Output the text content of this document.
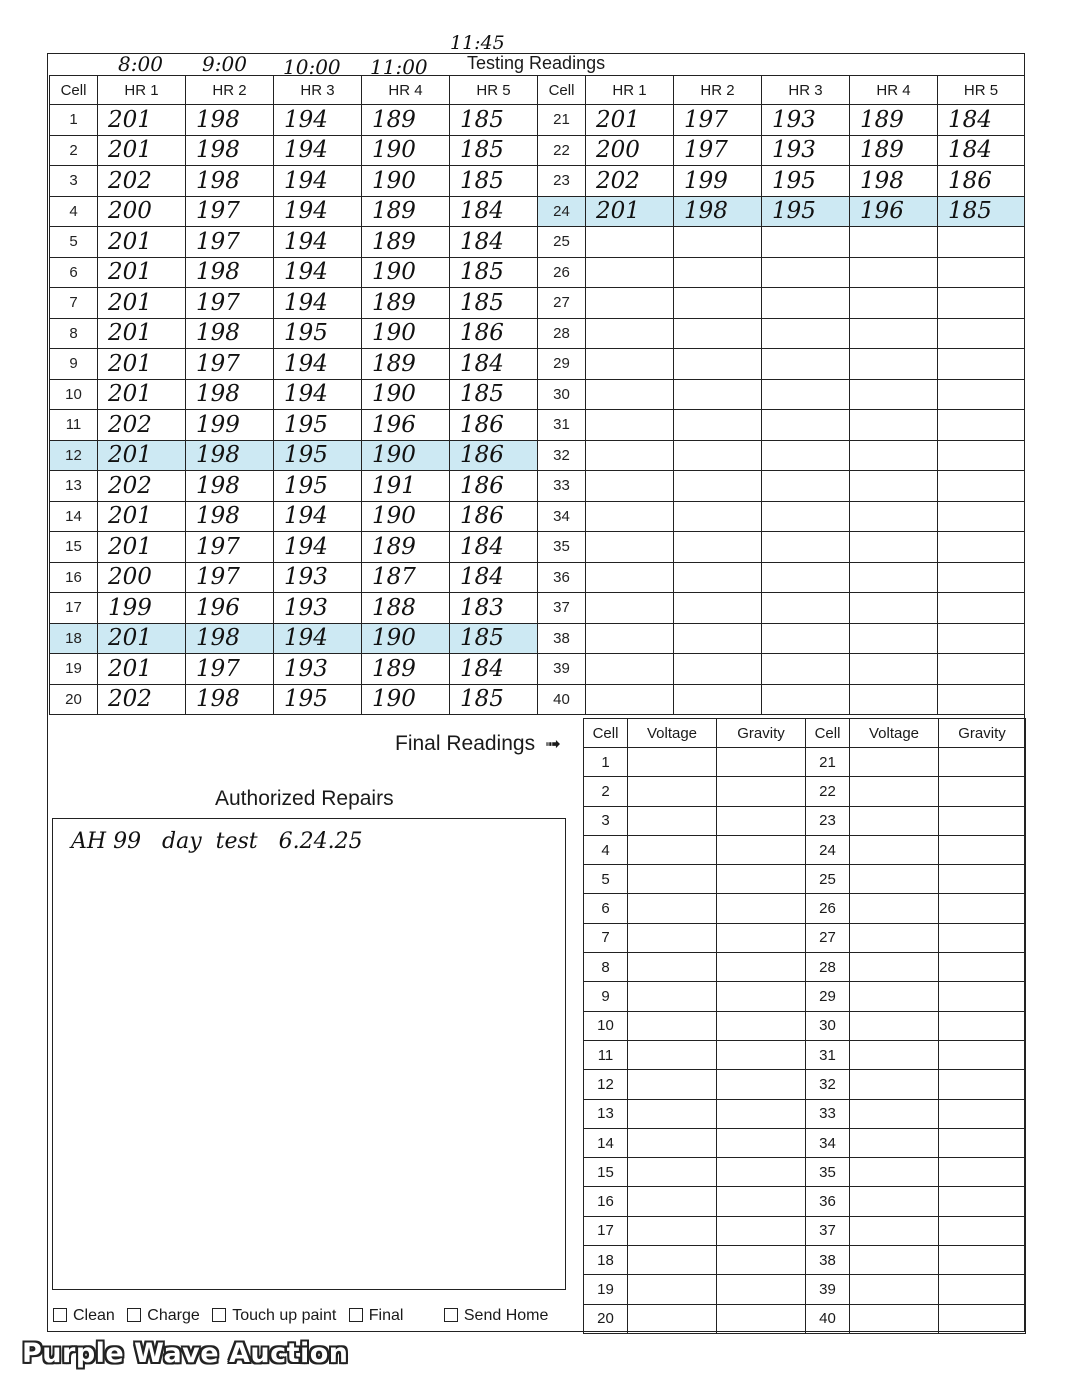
8:00 9:00 10:00 11:00
11:45
Testing Readings
Cell	HR 1	HR 2	HR 3	HR 4	HR 5	Cell	HR 1	HR 2	HR 3	HR 4	HR 5
1	201	198	194	189	185	21	201	197	193	189	184
2	201	198	194	190	185	22	200	197	193	189	184
3	202	198	194	190	185	23	202	199	195	198	186
4	200	197	194	189	184	24	201	198	195	196	185
5	201	197	194	189	184	25					
6	201	198	194	190	185	26					
7	201	197	194	189	185	27					
8	201	198	195	190	186	28					
9	201	197	194	189	184	29					
10	201	198	194	190	185	30					
11	202	199	195	196	186	31					
12	201	198	195	190	186	32					
13	202	198	195	191	186	33					
14	201	198	194	190	186	34					
15	201	197	194	189	184	35					
16	200	197	193	187	184	36					
17	199	196	193	188	183	37					
18	201	198	194	190	185	38					
19	201	197	193	189	184	39					
20	202	198	195	190	185	40					
Final Readings ➟
Cell	Voltage	Gravity	Cell	Voltage	Gravity
1			21		
2			22		
3			23		
4			24		
5			25		
6			26		
7			27		
8			28		
9			29		
10			30		
11			31		
12			32		
13			33		
14			34		
15			35		
16			36		
17			37		
18			38		
19			39		
20			40		
Authorized Repairs
AH 99   day  test   6.24.25
Clean Charge Touch up paint Final	Send Home
Purple Wave Auction
